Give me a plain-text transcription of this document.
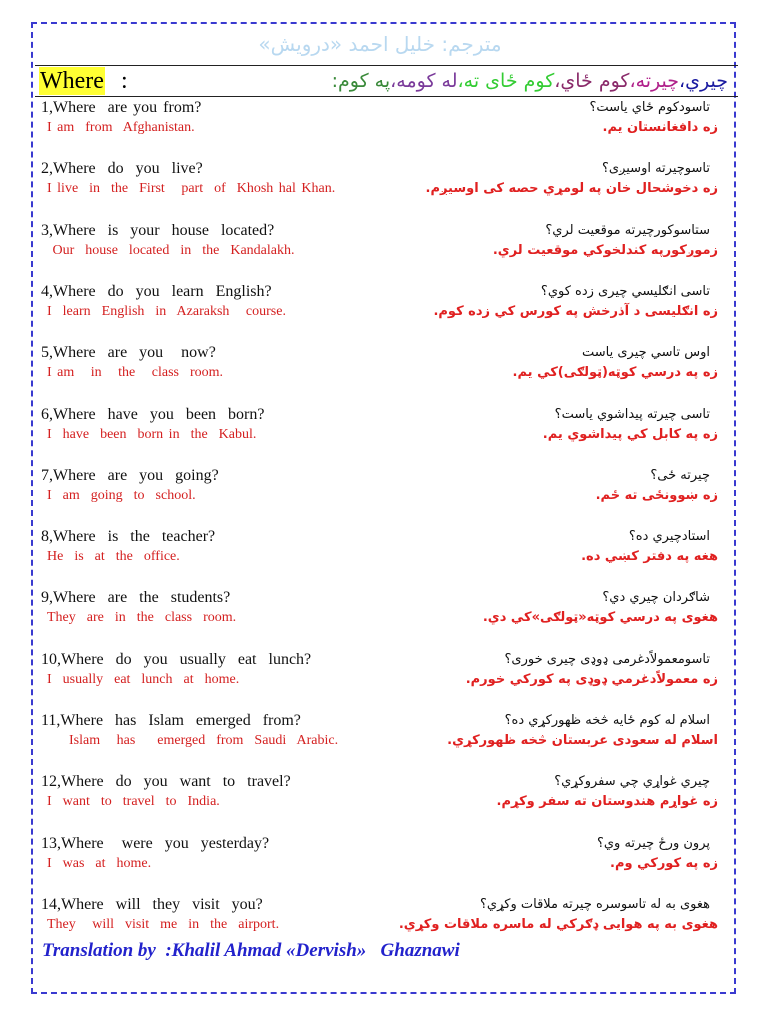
مترجم: خليل احمد «درويش»
Where :	چيري،چيرته،كوم ځاي،كوم ځاى ته،له كومه،په كوم:
1,Where  are you from?
I am  from  Afghanistan.
تاسودكوم ځاي ياست؟
زه دافغانستان يم.
2,Where  do  you  live?
I live  in  the  First   part  of  Khosh hal Khan.
تاسوچيرته اوسيږى؟
زه دخوشحال خان په لومړي حصه كى اوسيږم.
3,Where  is  your  house  located?
Our  house  located  in  the  Kandalakh.
ستاسوكورچيرته موقعيت لري؟
زموږكورپه كندلخوكي موقعيت لري.
4,Where  do  you  learn  English?
I  learn  English  in  Azaraksh   course.
تاسى انګليسي چيرى زده كوي؟
زه انګليسى د آذرخش په كورس كي زده كوم.
5,Where  are  you   now?
I am   in   the   class  room.
اوس تاسي چيرى ياست
زه په درسي كوټه(ټولګى)كي يم.
6,Where  have  you  been  born?
I  have  been  born in  the  Kabul.
تاسى چيرته پيداشوي ياست؟
زه په كابل كي پيداشوي يم.
7,Where  are  you  going?
I  am  going  to  school.
چيرته ځى؟
زه ښوونځى ته ځم.
8,Where  is  the  teacher?
He  is  at  the  office.
استادچيري ده؟
هغه په دفتر كښي ده.
9,Where  are  the  students?
They  are  in  the  class  room.
شاګردان چيري دي؟
هغوى په درسي كوټه«ټولګى»كي دي.
10,Where  do  you  usually  eat  lunch?
I  usually  eat  lunch  at  home.
تاسومعمولاًدغرمى ډوډى چيرى خورى؟
زه معمولاًدغرمي ډوډى په كوركي خورم.
11,Where  has  Islam  emerged  from?
Islam   has    emerged  from  Saudi  Arabic.
اسلام له كوم ځايه څخه ظهوركړي ده؟
اسلام له سعودى عربستان څخه ظهوركړي.
12,Where  do  you  want  to  travel?
I  want  to  travel  to  India.
چيري غواړي چي سفروكړي؟
زه غواړم هندوستان ته سفر وكړم.
13,Where   were  you  yesterday?
I  was  at  home.
پرون ورځ چيرته وي؟
زه په كوركي وم.
14,Where  will  they  visit  you?
They   will  visit  me  in  the  airport.
هغوى به له تاسوسره چيرته ملاقات وكړي؟
هغوى به په هوايى ډګركي له ماسره ملاقات وكړي.
Translation by  :Khalil Ahmad «Dervish»   Ghaznawi
